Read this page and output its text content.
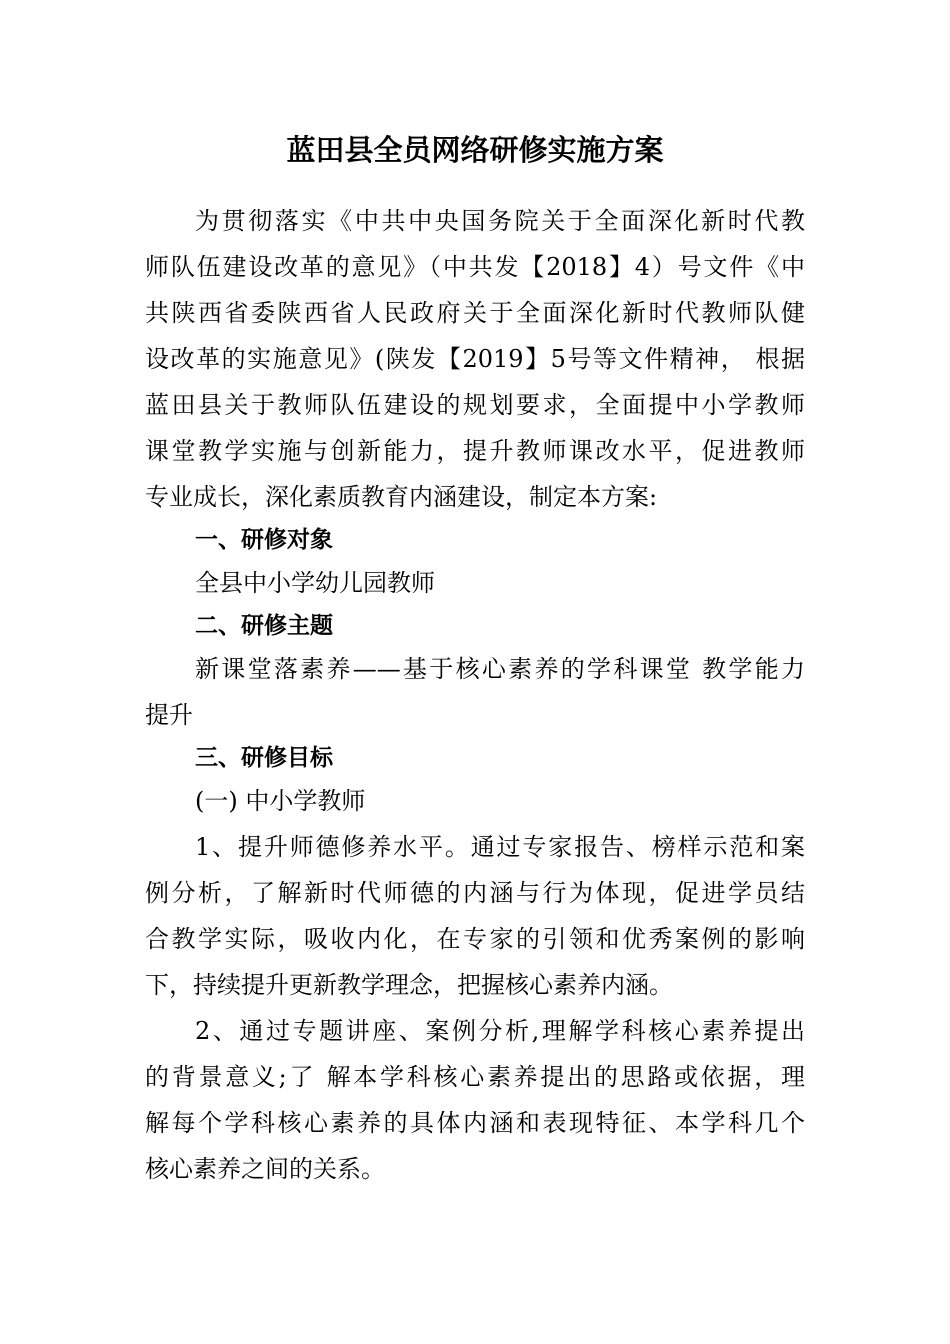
蓝田县全员网络研修实施方案
为贯彻落实《中共中央国务院关于全面深化新时代教
师队伍建设改革的意见》（中共发【2018】4）号文件《中
共陕西省委陕西省人民政府关于全面深化新时代教师队健
设改革的实施意见》(陕发【2019】5号等文件精神， 根据
蓝田县关于教师队伍建设的规划要求，全面提中小学教师
课堂教学实施与创新能力，提升教师课改水平，促进教师
专业成长，深化素质教育内涵建设，制定本方案:
一、研修对象
全县中小学幼儿园教师
二、研修主题
新课堂落素养——基于核心素养的学科课堂 教学能力
提升
三、研修目标
(一) 中小学教师
1、提升师德修养水平。通过专家报告、榜样示范和案
例分析，了解新时代师德的内涵与行为体现，促进学员结
合教学实际，吸收内化，在专家的引领和优秀案例的影响
下，持续提升更新教学理念，把握核心素养内涵。
2、通过专题讲座、案例分析,理解学科核心素养提出
的背景意义;了 解本学科核心素养提出的思路或依据，理
解每个学科核心素养的具体内涵和表现特征、本学科几个
核心素养之间的关系。
